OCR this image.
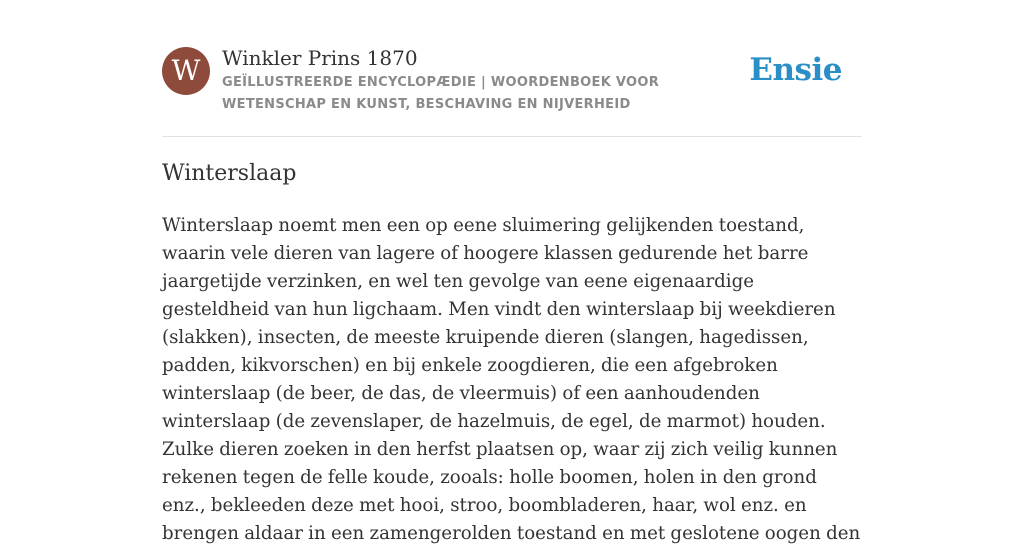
W	Winkler Prins 1870
GEÏLLUSTREERDE ENCYCLOPÆDIE | WOORDENBOEK VOOR WETENSCHAP EN KUNST, BESCHAVING EN NIJVERHEID
Ensie
Winterslaap

Winterslaap noemt men een op eene sluimering gelijkenden toestand, waarin vele dieren van lagere of hoogere klassen gedurende het barre jaargetijde verzinken, en wel ten gevolge van eene eigenaardige gesteldheid van hun ligchaam. Men vindt den winterslaap bij weekdieren (slakken), insecten, de meeste kruipende dieren (slangen, hagedissen, padden, kikvorschen) en bij enkele zoogdieren, die een afgebroken winterslaap (de beer, de das, de vleermuis) of een aanhoudenden winterslaap (de zevenslaper, de hazelmuis, de egel, de marmot) houden. Zulke dieren zoeken in den herfst plaatsen op, waar zij zich veilig kunnen rekenen tegen de felle koude, zooals: holle boomen, holen in den grond enz., bekleeden deze met hooi, stroo, boombladeren, haar, wol enz. en brengen aldaar in een zamengerolden toestand en met geslotene oogen den
